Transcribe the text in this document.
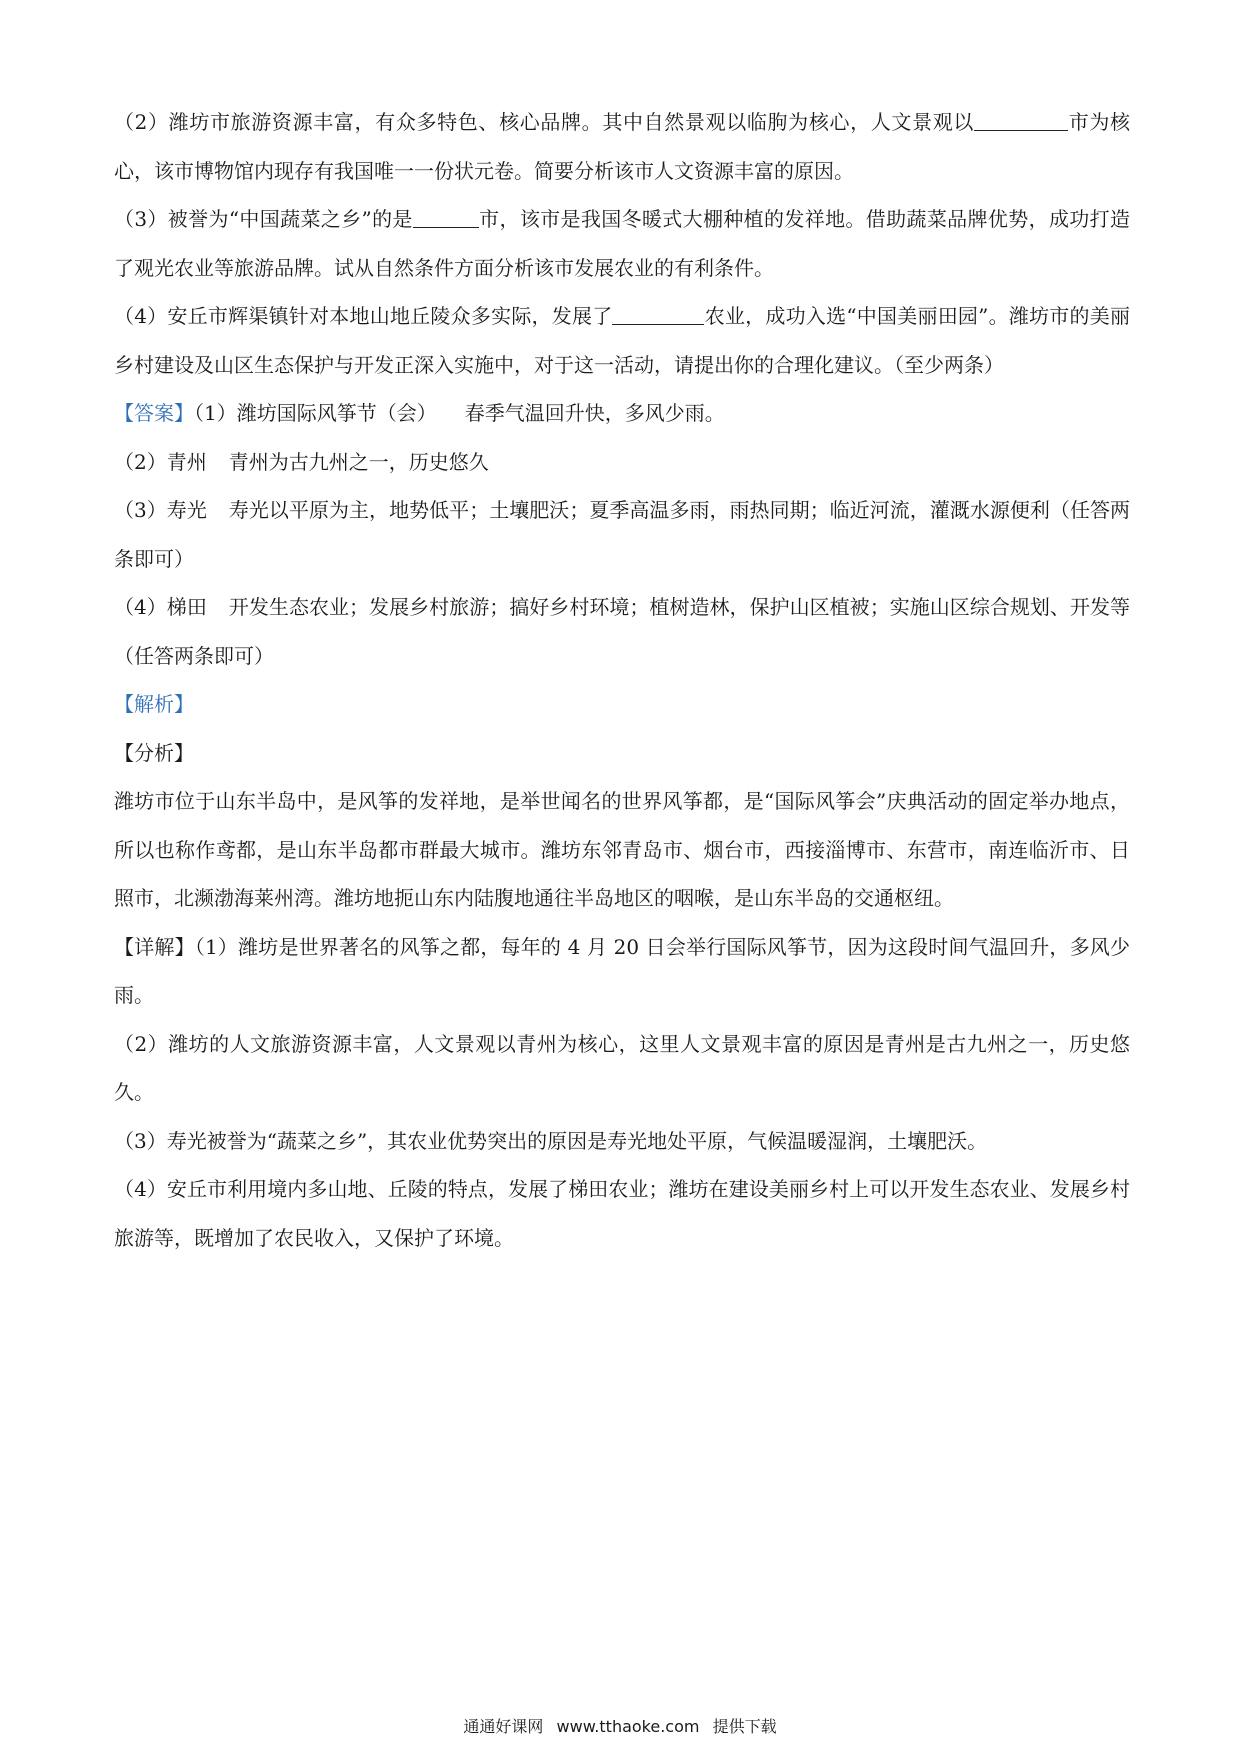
（2）潍坊市旅游资源丰富，有众多特色、核心品牌。其中自然景观以临朐为核心，人文景观以	市为核心，该市博物馆内现存有我国唯一一份状元卷。简要分析该市人文资源丰富的原因。

（3）被誉为“中国蔬菜之乡”的是	市，该市是我国冬暖式大棚种植的发祥地。借助蔬菜品牌优势，成功打造了观光农业等旅游品牌。试从自然条件方面分析该市发展农业的有利条件。

（4）安丘市辉渠镇针对本地山地丘陵众多实际，发展了	农业，成功入选“中国美丽田园”。潍坊市的美丽乡村建设及山区生态保护与开发正深入实施中，对于这一活动，请提出你的合理化建议。（至少两条）

【答案】（1）潍坊国际风筝节（会） 春季气温回升快，多风少雨。

（2）青州 青州为古九州之一，历史悠久

（3）寿光 寿光以平原为主，地势低平；土壤肥沃；夏季高温多雨，雨热同期；临近河流，灌溉水源便利（任答两条即可）

（4）梯田 开发生态农业；发展乡村旅游；搞好乡村环境；植树造林，保护山区植被；实施山区综合规划、开发等（任答两条即可）

【解析】

【分析】

潍坊市位于山东半岛中，是风筝的发祥地，是举世闻名的世界风筝都，是“国际风筝会”庆典活动的固定举办地点，所以也称作鸢都，是山东半岛都市群最大城市。潍坊东邻青岛市、烟台市，西接淄博市、东营市，南连临沂市、日照市，北濒渤海莱州湾。潍坊地扼山东内陆腹地通往半岛地区的咽喉，是山东半岛的交通枢纽。

【详解】（1）潍坊是世界著名的风筝之都，每年的 4 月 20 日会举行国际风筝节，因为这段时间气温回升，多风少雨。

（2）潍坊的人文旅游资源丰富，人文景观以青州为核心，这里人文景观丰富的原因是青州是古九州之一，历史悠久。

（3）寿光被誉为“蔬菜之乡”，其农业优势突出的原因是寿光地处平原，气候温暖湿润，土壤肥沃。

（4）安丘市利用境内多山地、丘陵的特点，发展了梯田农业；潍坊在建设美丽乡村上可以开发生态农业、发展乡村旅游等，既增加了农民收入，又保护了环境。

通通好课网 www.tthaoke.com 提供下载
